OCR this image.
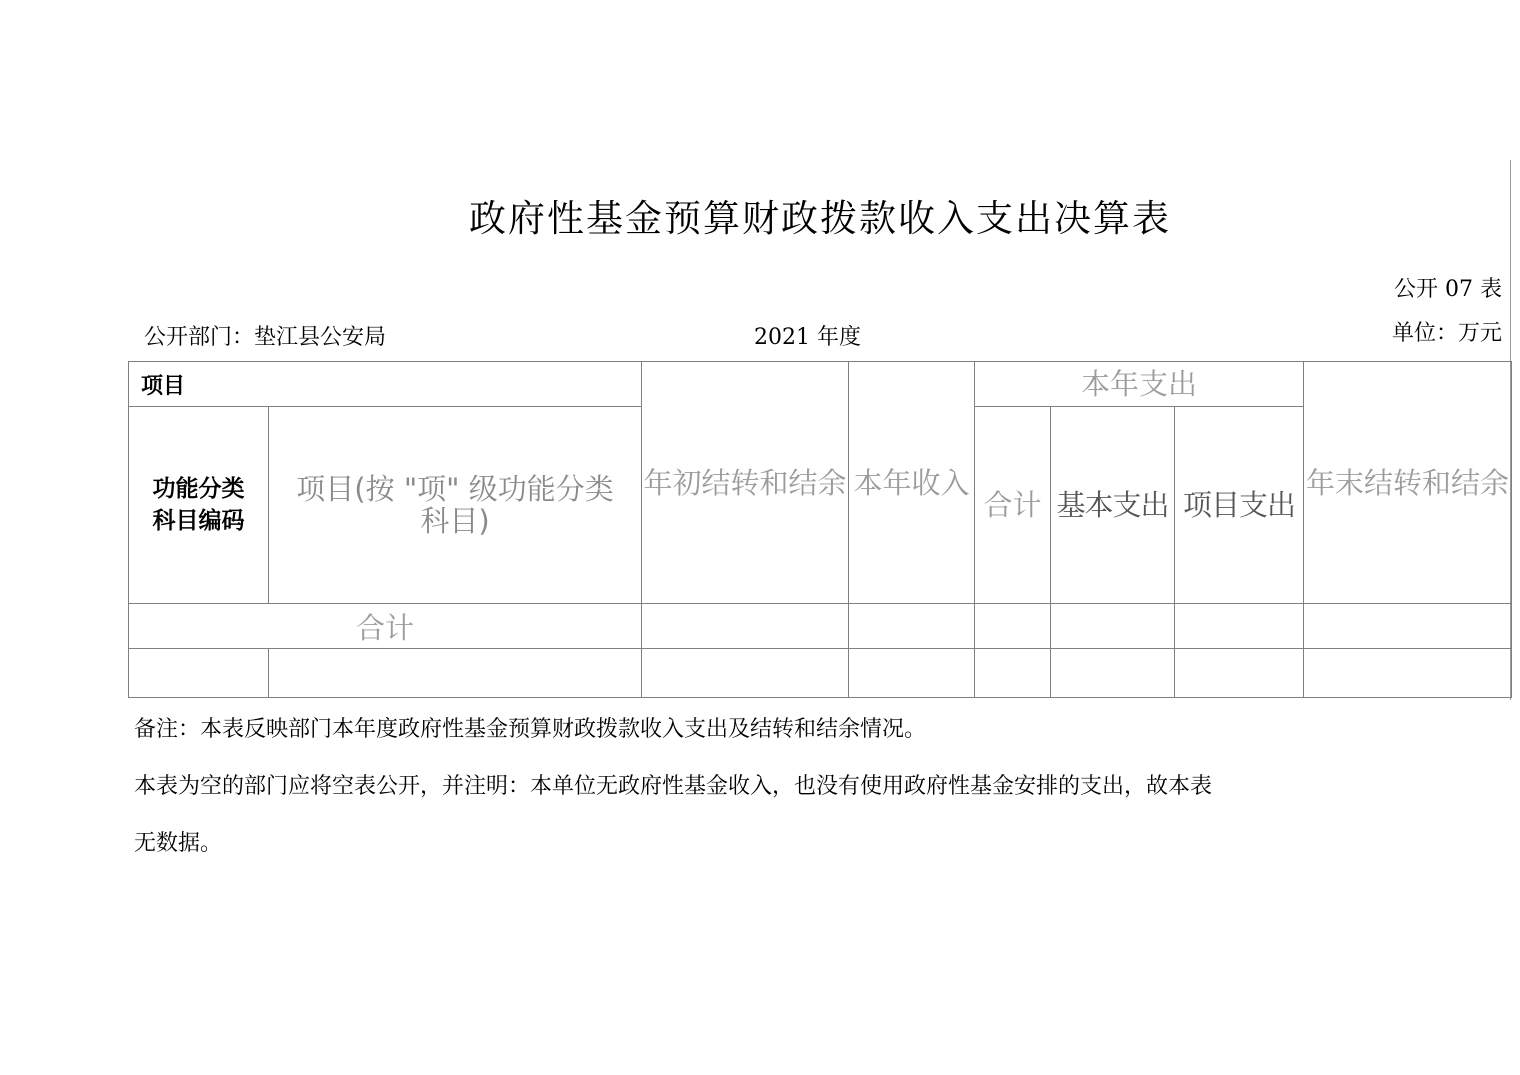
政府性基金预算财政拨款收入支出决算表
公开 07 表
公开部门：垫江县公安局	2021 年度	单位：万元
项目		年初结转和结余	本年收入	本年支出			年末结转和结余

功能分类科目编码	项目(按 "项" 级功能分类科目)			合计	基本支出	项目支出	

合计							

备注：本表反映部门本年度政府性基金预算财政拨款收入支出及结转和结余情况。
本表为空的部门应将空表公开，并注明：本单位无政府性基金收入，也没有使用政府性基金安排的支出，故本表
无数据。
